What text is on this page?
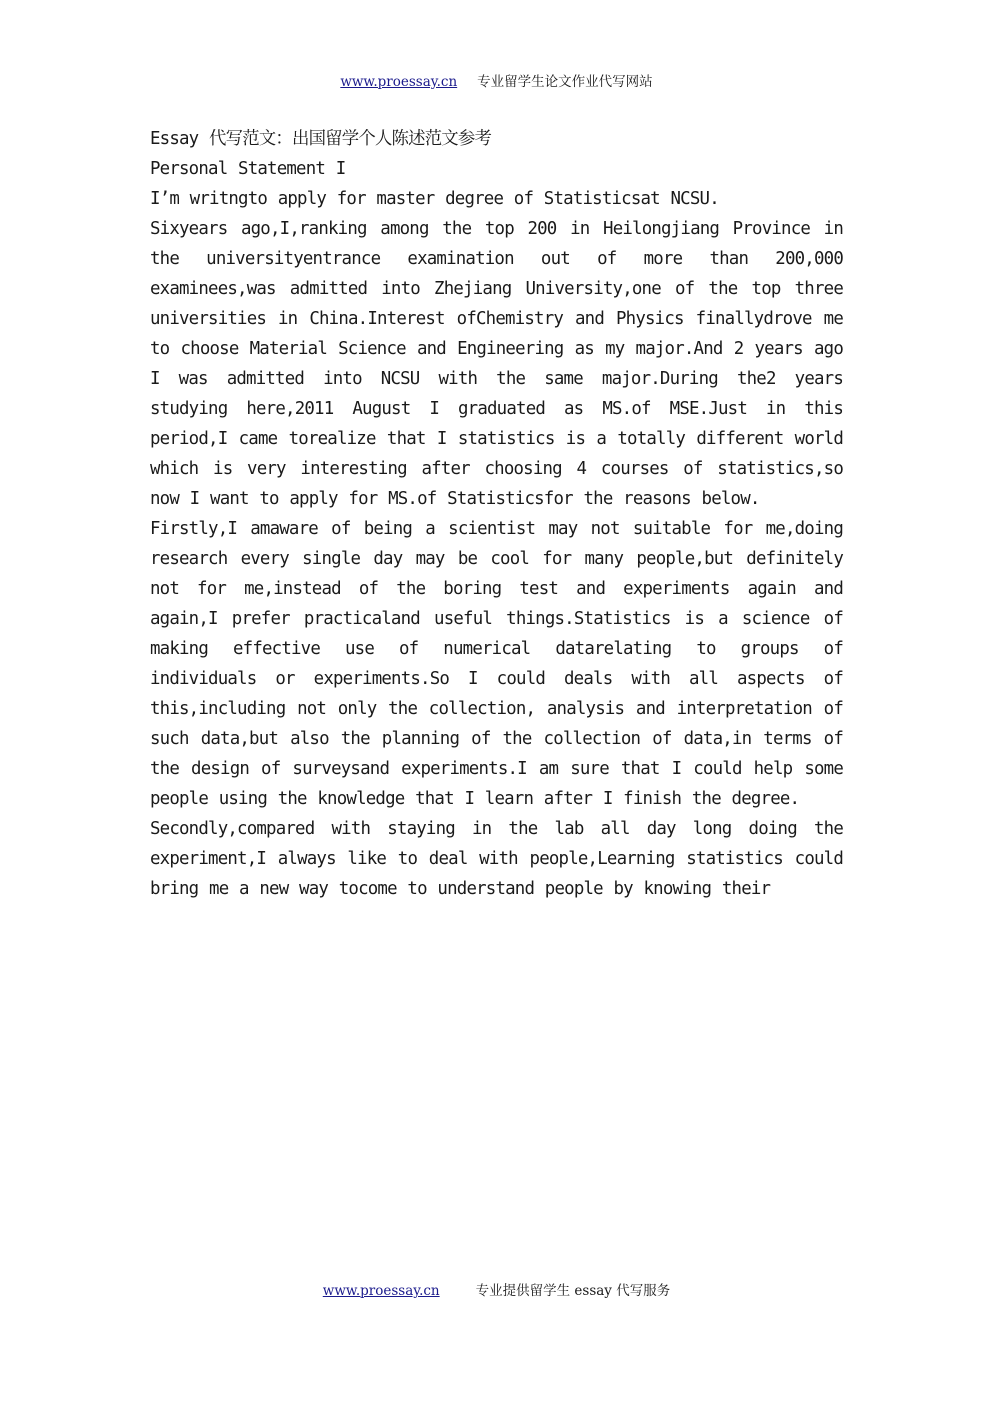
www.proessay.cn 专业留学生论文作业代写网站

Essay 代写范文：出国留学个人陈述范文参考

Personal Statement I

I’m writngto apply for master degree of Statisticsat NCSU.

Sixyears ago,I,ranking among the top 200 in Heilongjiang Province in the universityentrance examination out of more than 200,000 examinees,was admitted into Zhejiang University,one of the top three universities in China.Interest ofChemistry and Physics finallydrove me to choose Material Science and Engineering as my major.And 2 years ago I was admitted into NCSU with the same major.During the2 years studying here,2011 August I graduated as MS.of MSE.Just in this period,I came torealize that I statistics is a totally different world which is very interesting after choosing 4 courses of statistics,so now I want to apply for MS.of Statisticsfor the reasons below.

Firstly,I amaware of being a scientist may not suitable for me,doing research every single day may be cool for many people,but definitely not for me,instead of the boring test and experiments again and again,I prefer practicaland useful things.Statistics is a science of making effective use of numerical datarelating to groups of individuals or experiments.So I could deals with all aspects of this,including not only the collection, analysis and interpretation of such data,but also the planning of the collection of data,in terms of the design of surveysand experiments.I am sure that I could help some people using the knowledge that I learn after I finish the degree.

Secondly,compared with staying in the lab all day long doing the experiment,I always like to deal with people,Learning statistics could bring me a new way tocome to understand people by knowing their

www.proessay.cn	专业提供留学生 essay 代写服务
